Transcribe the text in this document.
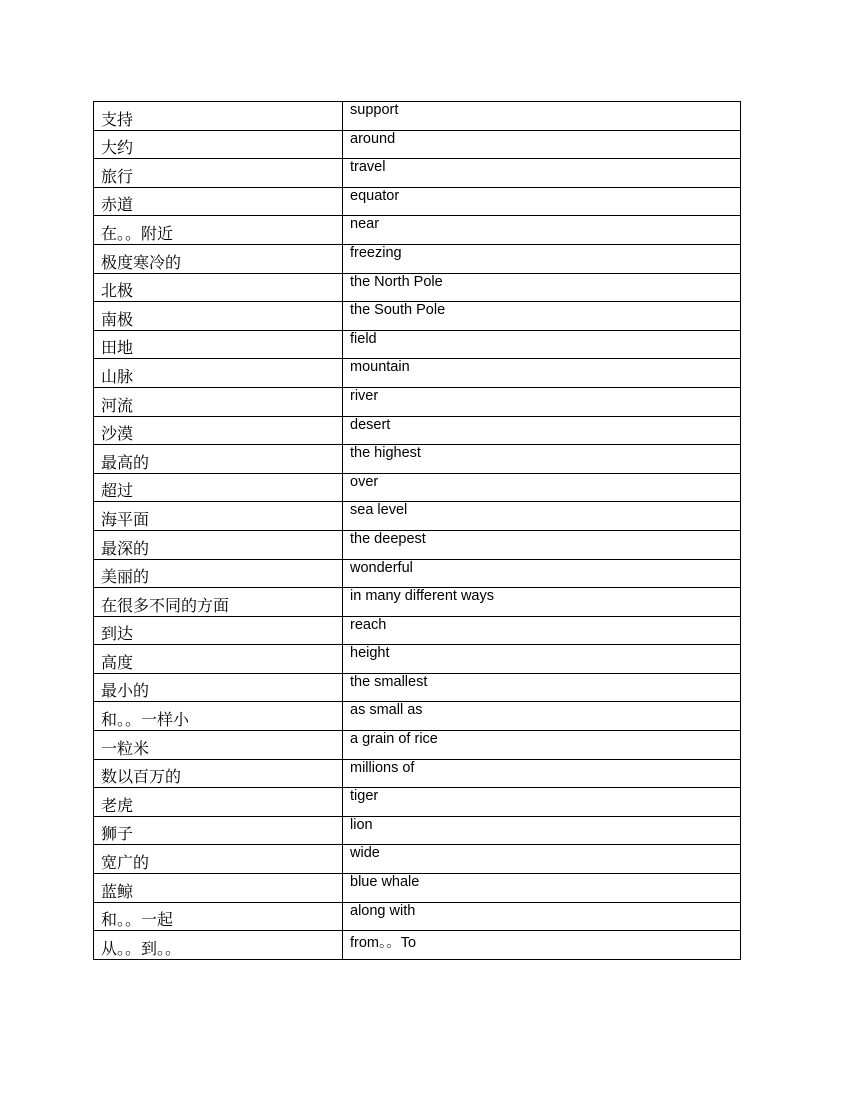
支持	support
大约	around
旅行	travel
赤道	equator
在。。附近	near
极度寒冷的	freezing
北极	the North Pole
南极	the South Pole
田地	field
山脉	mountain
河流	river
沙漠	desert
最高的	the highest
超过	over
海平面	sea level
最深的	the deepest
美丽的	wonderful
在很多不同的方面	in many different ways
到达	reach
高度	height
最小的	the smallest
和。。一样小	as small as
一粒米	a grain of rice
数以百万的	millions of
老虎	tiger
狮子	lion
宽广的	wide
蓝鲸	blue whale
和。。一起	along with
从。。到。。	from。。To
